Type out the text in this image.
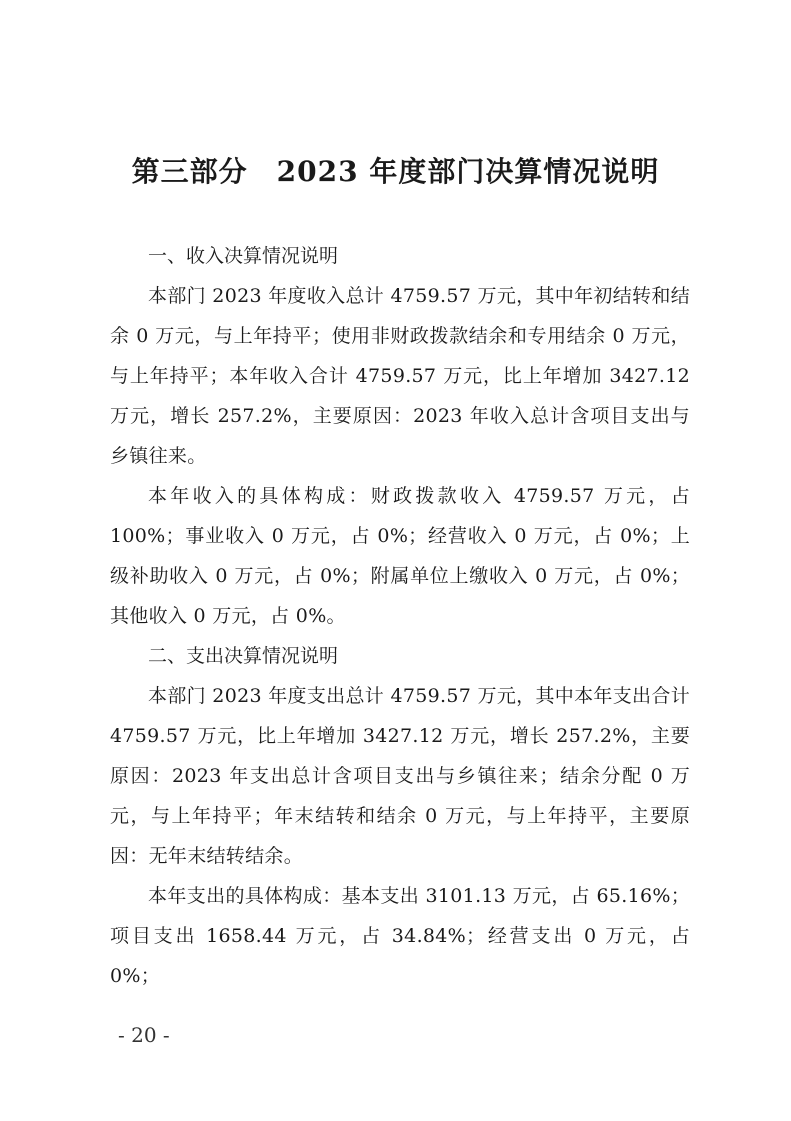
第三部分　2023 年度部门决算情况说明

一、收入决算情况说明

本部门 2023 年度收入总计 4759.57 万元，其中年初结转和结余 0 万元，与上年持平；使用非财政拨款结余和专用结余 0 万元，与上年持平；本年收入合计 4759.57 万元，比上年增加 3427.12 万元，增长 257.2%，主要原因：2023 年收入总计含项目支出与乡镇往来。

本年收入的具体构成：财政拨款收入 4759.57 万元，占 100%；事业收入 0 万元，占 0%；经营收入 0 万元，占 0%；上级补助收入 0 万元，占 0%；附属单位上缴收入 0 万元，占 0%；其他收入 0 万元，占 0%。

二、支出决算情况说明

本部门 2023 年度支出总计 4759.57 万元，其中本年支出合计 4759.57 万元，比上年增加 3427.12 万元，增长 257.2%，主要原因：2023 年支出总计含项目支出与乡镇往来；结余分配 0 万元，与上年持平；年末结转和结余 0 万元，与上年持平，主要原因：无年末结转结余。

本年支出的具体构成：基本支出 3101.13 万元，占 65.16%；项目支出 1658.44 万元，占 34.84%；经营支出 0 万元，占 0%；

- 20 -
